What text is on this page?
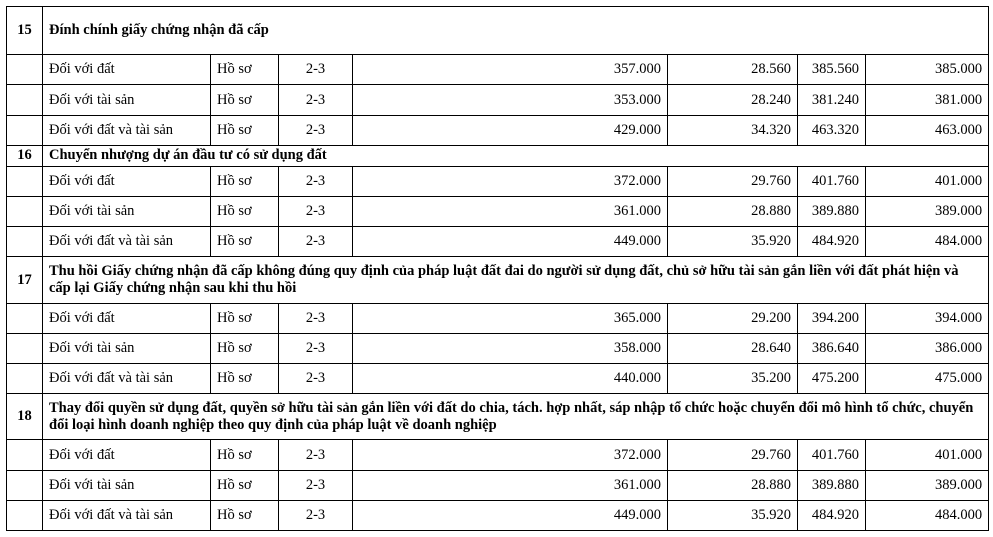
15	Đính chính giấy chứng nhận đã cấp						
	Đối với đất	Hồ sơ	2-3	357.000	28.560	385.560	385.000
	Đối với tài sản	Hồ sơ	2-3	353.000	28.240	381.240	381.000
	Đối với đất và tài sản	Hồ sơ	2-3	429.000	34.320	463.320	463.000
16	Chuyển nhượng dự án đầu tư có sử dụng đất						
	Đối với đất	Hồ sơ	2-3	372.000	29.760	401.760	401.000
	Đối với tài sản	Hồ sơ	2-3	361.000	28.880	389.880	389.000
	Đối với đất và tài sản	Hồ sơ	2-3	449.000	35.920	484.920	484.000
17	Thu hồi Giấy chứng nhận đã cấp không đúng quy định của pháp luật đất đai do người sử dụng đất, chủ sở hữu tài sản gắn liền với đất phát hiện và cấp lại Giấy chứng nhận sau khi thu hồi						
	Đối với đất	Hồ sơ	2-3	365.000	29.200	394.200	394.000
	Đối với tài sản	Hồ sơ	2-3	358.000	28.640	386.640	386.000
	Đối với đất và tài sản	Hồ sơ	2-3	440.000	35.200	475.200	475.000
18	Thay đổi quyền sử dụng đất, quyền sở hữu tài sản gắn liền với đất do chia, tách. hợp nhất, sáp nhập tổ chức hoặc chuyển đổi mô hình tổ chức, chuyển đổi loại hình doanh nghiệp theo quy định của pháp luật về doanh nghiệp						
	Đối với đất	Hồ sơ	2-3	372.000	29.760	401.760	401.000
	Đối với tài sản	Hồ sơ	2-3	361.000	28.880	389.880	389.000
	Đối với đất và tài sản	Hồ sơ	2-3	449.000	35.920	484.920	484.000
